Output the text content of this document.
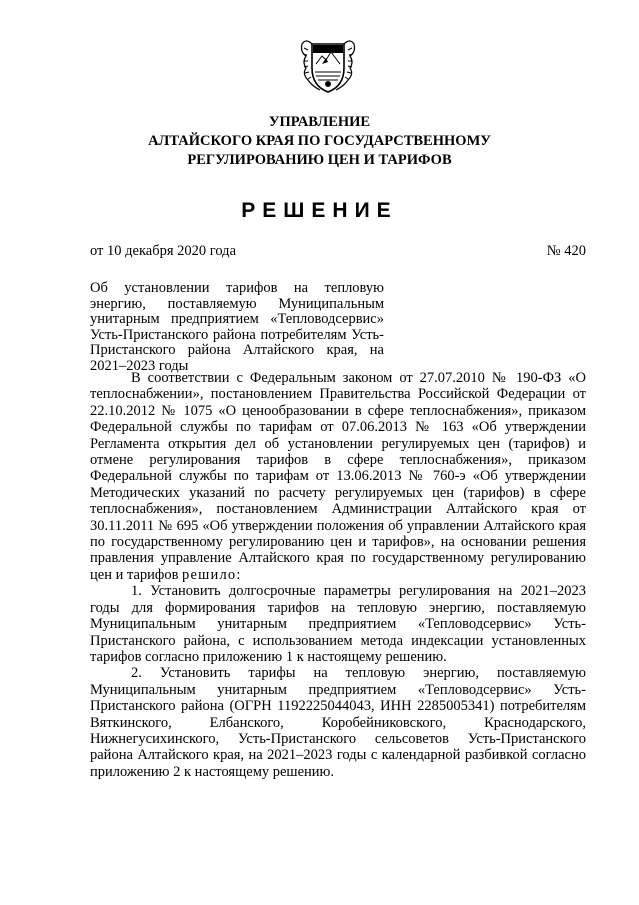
УПРАВЛЕНИЕ
АЛТАЙСКОГО КРАЯ ПО ГОСУДАРСТВЕННОМУ
РЕГУЛИРОВАНИЮ ЦЕН И ТАРИФОВ
РЕШЕНИЕ
от 10 декабря 2020 года	№ 420
Об установлении тарифов на тепловую энергию, поставляемую Муниципальным унитарным предприятием «Тепловодсервис» Усть-Пристанского района потребителям Усть-Пристанского района Алтайского края, на 2021–2023 годы

В соответствии с Федеральным законом от 27.07.2010 № 190-ФЗ «О теплоснабжении», постановлением Правительства Российской Федерации от 22.10.2012 № 1075 «О ценообразовании в сфере теплоснабжения», приказом Федеральной службы по тарифам от 07.06.2013 № 163 «Об утверждении Регламента открытия дел об установлении регулируемых цен (тарифов) и отмене регулирования тарифов в сфере теплоснабжения», приказом Федеральной службы по тарифам от 13.06.2013 № 760-э «Об утверждении Методических указаний по расчету регулируемых цен (тарифов) в сфере теплоснабжения», постановлением Администрации Алтайского края от 30.11.2011 № 695 «Об утверждении положения об управлении Алтайского края по государственному регулированию цен и тарифов», на основании решения правления управление Алтайского края по государственному регулированию цен и тарифов решило:

1. Установить долгосрочные параметры регулирования на 2021–2023 годы для формирования тарифов на тепловую энергию, поставляемую Муниципальным унитарным предприятием «Тепловодсервис» Усть-Пристанского района, с использованием метода индексации установленных тарифов согласно приложению 1 к настоящему решению.

2. Установить тарифы на тепловую энергию, поставляемую Муниципальным унитарным предприятием «Тепловодсервис» Усть-Пристанского района (ОГРН 1192225044043, ИНН 2285005341) потребителям Вяткинского, Елбанского, Коробейниковского, Краснодарского, Нижнегусихинского, Усть-Пристанского сельсоветов Усть-Пристанского района Алтайского края, на 2021–2023 годы с календарной разбивкой согласно приложению 2 к настоящему решению.
